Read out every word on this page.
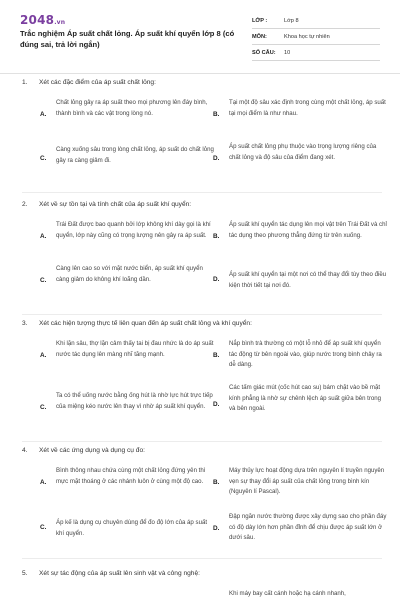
2048.vn
Trắc nghiệm Áp suất chất lỏng. Áp suất khí quyển lớp 8 (có đúng sai, trả lời ngắn)
LỚP :	Lớp 8
MÔN:	Khoa học tự nhiên
SỐ CÂU:	10
1. Xét các đặc điểm của áp suất chất lỏng:
A.
Chất lỏng gây ra áp suất theo mọi phương lên đáy bình, thành bình và các vật trong lòng nó.	B.
Tại một độ sâu xác định trong cùng một chất lỏng, áp suất tại mọi điểm là như nhau.
C.
Càng xuống sâu trong lòng chất lỏng, áp suất do chất lỏng gây ra càng giảm đi.	D.
Áp suất chất lỏng phụ thuộc vào trọng lượng riêng của chất lỏng và độ sâu của điểm đang xét.
2. Xét về sự tồn tại và tính chất của áp suất khí quyển:
A.
Trái Đất được bao quanh bởi lớp không khí dày gọi là khí quyển, lớp này cũng có trọng lượng nên gây ra áp suất. B.
Áp suất khí quyển tác dụng lên mọi vật trên Trái Đất và chỉ tác dụng theo phương thẳng đứng từ trên xuống.
C.
Càng lên cao so với mặt nước biển, áp suất khí quyển càng giảm do không khí loãng dần.	D.
Áp suất khí quyển tại một nơi có thể thay đổi tùy theo điều kiện thời tiết tại nơi đó.
3. Xét các hiện tượng thực tế liên quan đến áp suất chất lỏng và khí quyển:
A.
Khi lặn sâu, thợ lặn cảm thấy tai bị đau nhức là do áp suất nước tác dụng lên màng nhĩ tăng mạnh.	B.
Nắp bình trà thường có một lỗ nhỏ để áp suất khí quyển tác động từ bên ngoài vào, giúp nước trong bình chảy ra dễ dàng.
C.
Ta có thể uống nước bằng ống hút là nhờ lực hút trực tiếp của miệng kéo nước lên thay vì nhờ áp suất khí quyển.	D.
Các tấm giác mút (cốc hút cao su) bám chặt vào bề mặt kính phẳng là nhờ sự chênh lệch áp suất giữa bên trong và bên ngoài.
4. Xét về các ứng dụng và dụng cụ đo:
A.
Bình thông nhau chứa cùng một chất lỏng đứng yên thì mực mặt thoáng ở các nhánh luôn ở cùng một độ cao.	B.
Máy thủy lực hoạt động dựa trên nguyên lí truyền nguyên vẹn sự thay đổi áp suất của chất lỏng trong bình kín (Nguyên lí Pascal).
C.
Áp kế là dụng cụ chuyên dùng để đo độ lớn của áp suất khí quyển.
D.
Đập ngăn nước thường được xây dựng sao cho phần đáy có độ dày lớn hơn phần đỉnh để chịu được áp suất lớn ở dưới sâu.
5. Xét sự tác động của áp suất lên sinh vật và công nghệ:
Khi máy bay cất cánh hoặc hạ cánh nhanh,
